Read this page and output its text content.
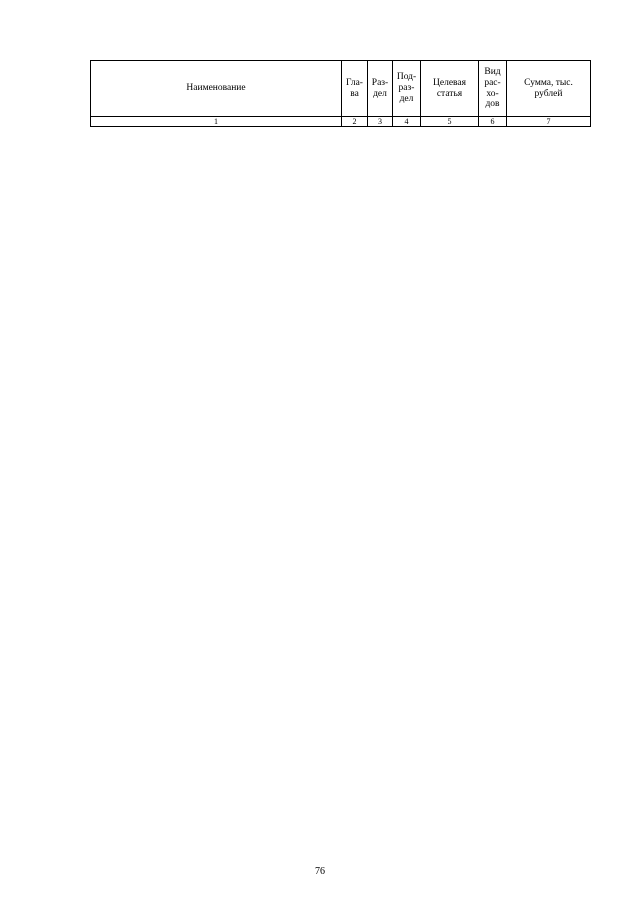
Наименование	Гла-ва	Раз-дел	Под-раз-дел	Целевая статья	Вид рас-хо-дов	Сумма, тыс. рублей
1	2	3	4	5	6	7
76
